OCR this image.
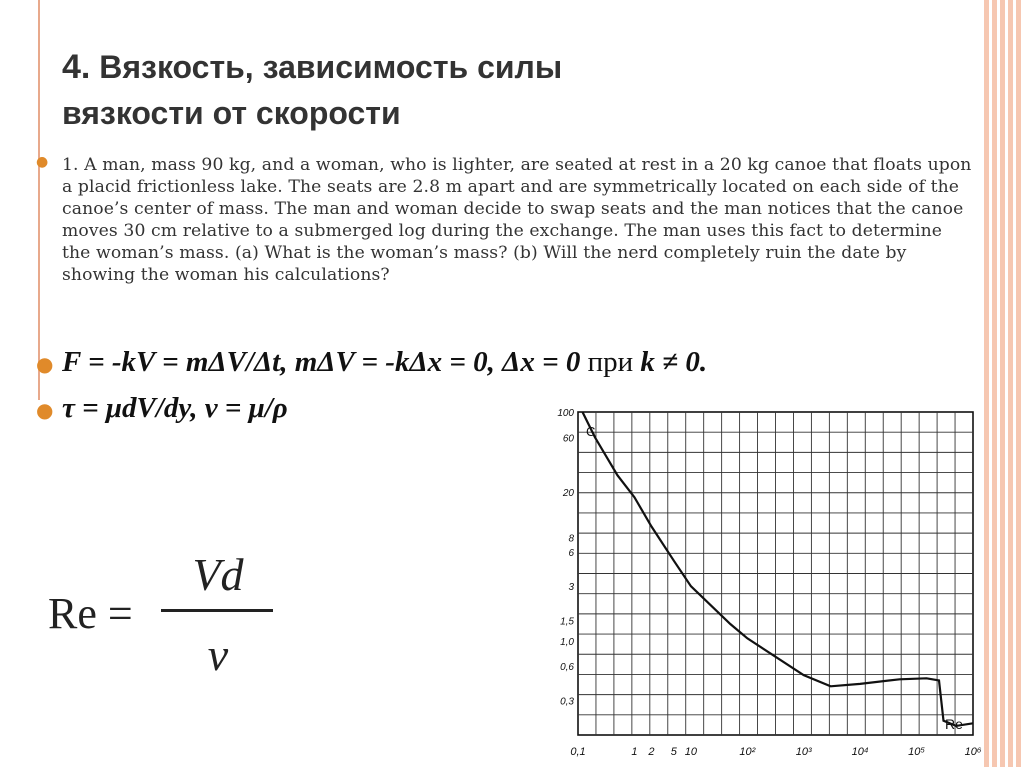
4. Вязкость, зависимость силы
вязкости от скорости
● 1. A man, mass 90 kg, and a woman, who is lighter, are seated at rest in a 20 kg canoe that floats upon a placid frictionless lake. The seats are 2.8 m apart and are symmetrically located on each side of the canoe’s center of mass. The man and woman decide to swap seats and the man notices that the canoe moves 30 cm relative to a submerged log during the exchange. The man uses this fact to determine the woman’s mass. (a) What is the woman’s mass? (b) Will the nerd completely ruin the date by showing the woman his calculations?
● F = -kV = mΔV/Δt, mΔV = -kΔx = 0, Δx = 0 при k ≠ 0.
● τ = μdV/dy, ν = μ/ρ
Re =
Vd
ν
100
60
20
8
6
3
1,5
1,0
0,6
0,3
0,1	1 2 5 10	10²	10³	10⁴	10⁵	10⁶
C
Re
